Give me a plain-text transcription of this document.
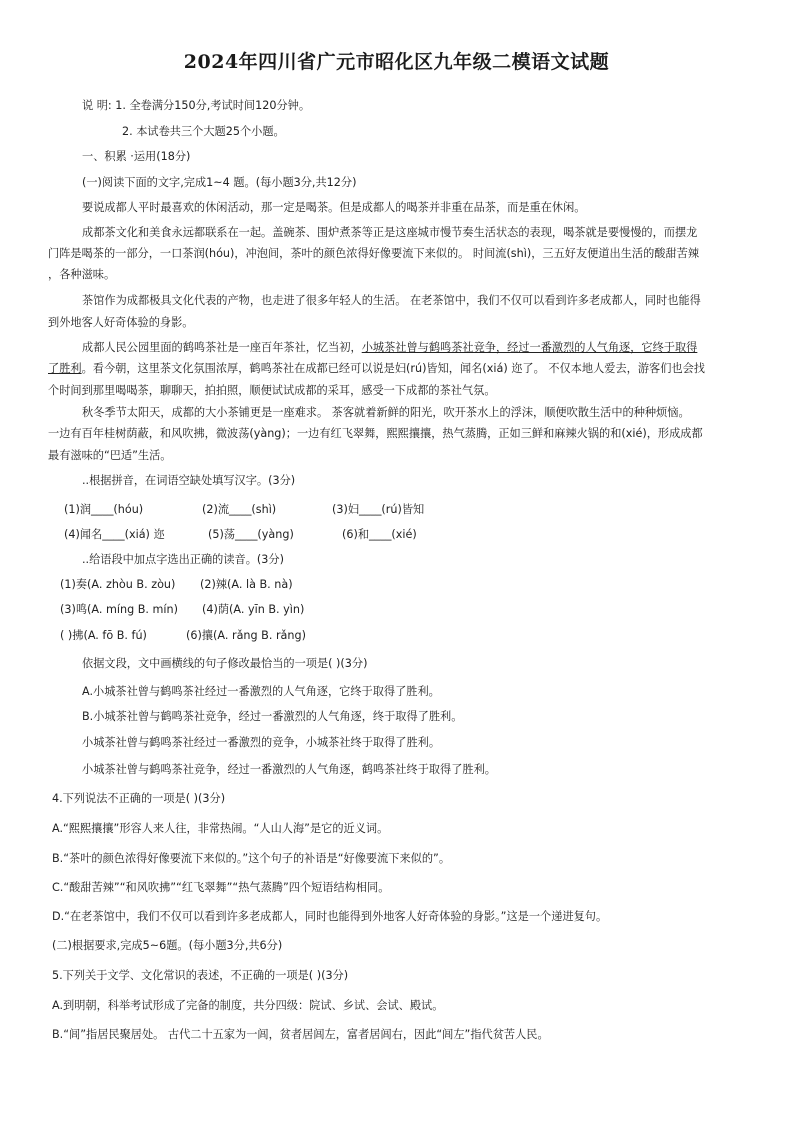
2024年四川省广元市昭化区九年级二模语文试题
说 明: 1. 全卷满分150分,考试时间120分钟。
2. 本试卷共三个大题25个小题。
一、积累 ·运用(18分)
(一)阅读下面的文字,完成1~4 题。(每小题3分,共12分)
要说成都人平时最喜欢的休闲活动，那一定是喝茶。但是成都人的喝茶并非重在品茶，而是重在休闲。
成都茶文化和美食永远都联系在一起。盖碗茶、围炉煮茶等正是这座城市慢节奏生活状态的表现，喝茶就是要慢慢的，而摆龙
门阵是喝茶的一部分，一口茶润(hóu)，冲泡间，茶叶的颜色浓得好像要流下来似的。 时间流(shì)，三五好友便道出生活的酸甜苦辣
，各种滋味。
茶馆作为成都极具文化代表的产物，也走进了很多年轻人的生活。 在老茶馆中，我们不仅可以看到许多老成都人，同时也能得
到外地客人好奇体验的身影。
成都人民公园里面的鹤鸣茶社是一座百年茶社，忆当初，小城茶社曾与鹤鸣茶社竞争，经过一番激烈的人气角逐，它终于取得
了胜利。看今朝，这里茶文化氛围浓厚，鹤鸣茶社在成都已经可以说是妇(rú)皆知，闻名(xiá) 迩了。 不仅本地人爱去，游客们也会找
个时间到那里喝喝茶，聊聊天，拍拍照，顺便试试成都的采耳，感受一下成都的茶社气氛。
秋冬季节太阳天，成都的大小茶铺更是一座难求。 茶客就着新鲜的阳光，吹开茶水上的浮沫，顺便吹散生活中的种种烦恼。
一边有百年桂树荫蔽，和风吹拂，微波荡(yàng)；一边有红飞翠舞，熙熙攘攘，热气蒸腾，正如三鲜和麻辣火锅的和(xié)，形成成都
最有滋味的“巴适”生活。
..根据拼音，在词语空缺处填写汉字。(3分)
(1)润____(hóu)	(2)流____(shì)	(3)妇____(rú)皆知
(4)闻名____(xiá) 迩	(5)荡____(yàng)	(6)和____(xié)
..给语段中加点字选出正确的读音。(3分)
(1)奏(A. zhòu B. zòu) (2)辣(A. là B. nà)
(3)鸣(A. míng B. mín) (4)荫(A. yīn B. yìn)
( )拂(A. fō B. fú)	(6)攘(A. rǎng B. rǎng)
依据文段，文中画横线的句子修改最恰当的一项是( )(3分)
A.小城茶社曾与鹤鸣茶社经过一番激烈的人气角逐，它终于取得了胜利。
B.小城茶社曾与鹤鸣茶社竞争，经过一番激烈的人气角逐，终于取得了胜利。
小城茶社曾与鹤鸣茶社经过一番激烈的竞争，小城茶社终于取得了胜利。
小城茶社曾与鹤鸣茶社竞争，经过一番激烈的人气角逐，鹤鸣茶社终于取得了胜利。
4.下列说法不正确的一项是( )(3分)
A.“熙熙攘攘”形容人来人往，非常热闹。“人山人海”是它的近义词。
B.“茶叶的颜色浓得好像要流下来似的。”这个句子的补语是“好像要流下来似的”。
C.“酸甜苦辣”“和风吹拂”“红飞翠舞”“热气蒸腾”四个短语结构相同。
D.“在老茶馆中，我们不仅可以看到许多老成都人，同时也能得到外地客人好奇体验的身影。”这是一个递进复句。
(二)根据要求,完成5~6题。(每小题3分,共6分)
5.下列关于文学、文化常识的表述，不正确的一项是( )(3分)
A.到明朝，科举考试形成了完备的制度，共分四级：院试、乡试、会试、殿试。
B.“闾”指居民聚居处。 古代二十五家为一闾，贫者居闾左，富者居闾右，因此“闾左”指代贫苦人民。
